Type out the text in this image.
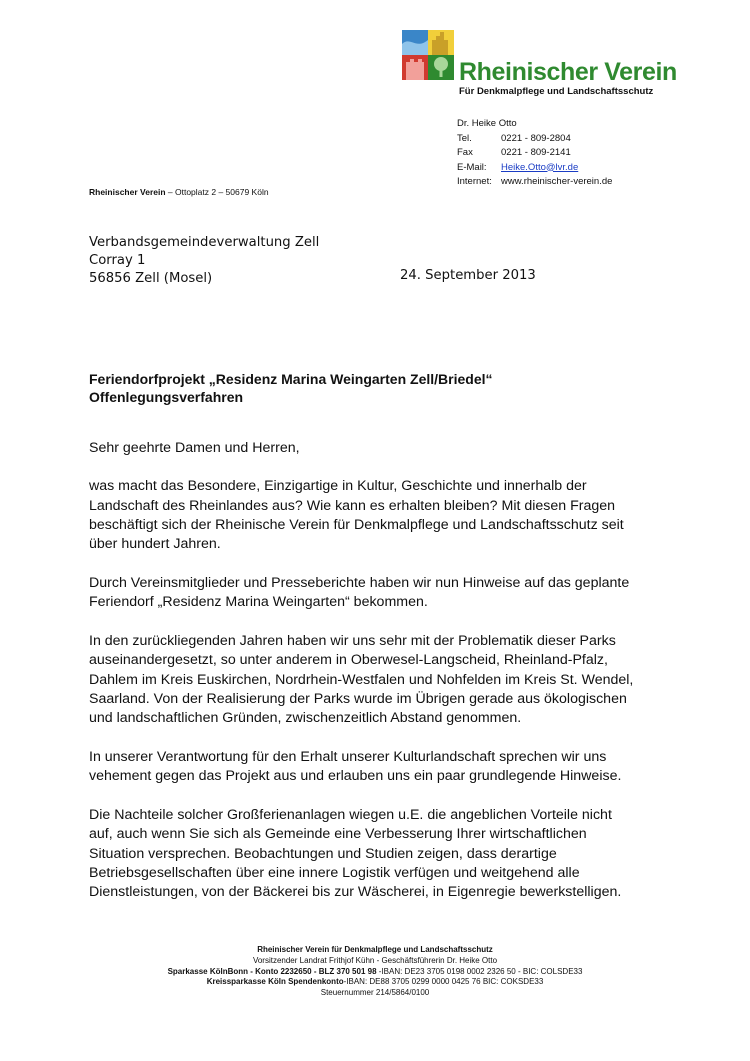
Rheinischer Verein
Für Denkmalpflege und Landschaftsschutz
Dr. Heike Otto
Tel.	0221 - 809-2804
Fax	0221 - 809-2141
E-Mail:	Heike.Otto@lvr.de
Internet: www.rheinischer-verein.de
Rheinischer Verein – Ottoplatz 2 – 50679 Köln
Verbandsgemeindeverwaltung Zell
Corray 1
56856 Zell (Mosel)	24. September 2013
Feriendorfprojekt „Residenz Marina Weingarten Zell/Briedel“
Offenlegungsverfahren

Sehr geehrte Damen und Herren,

was macht das Besondere, Einzigartige in Kultur, Geschichte und innerhalb der
Landschaft des Rheinlandes aus? Wie kann es erhalten bleiben? Mit diesen Fragen
beschäftigt sich der Rheinische Verein für Denkmalpflege und Landschaftsschutz seit
über hundert Jahren.

Durch Vereinsmitglieder und Presseberichte haben wir nun Hinweise auf das geplante
Feriendorf „Residenz Marina Weingarten“ bekommen.

In den zurückliegenden Jahren haben wir uns sehr mit der Problematik dieser Parks
auseinandergesetzt, so unter anderem in Oberwesel-Langscheid, Rheinland-Pfalz,
Dahlem im Kreis Euskirchen, Nordrhein-Westfalen und Nohfelden im Kreis St. Wendel,
Saarland. Von der Realisierung der Parks wurde im Übrigen gerade aus ökologischen
und landschaftlichen Gründen, zwischenzeitlich Abstand genommen.

In unserer Verantwortung für den Erhalt unserer Kulturlandschaft sprechen wir uns
vehement gegen das Projekt aus und erlauben uns ein paar grundlegende Hinweise.

Die Nachteile solcher Großferienanlagen wiegen u.E. die angeblichen Vorteile nicht
auf, auch wenn Sie sich als Gemeinde eine Verbesserung Ihrer wirtschaftlichen
Situation versprechen. Beobachtungen und Studien zeigen, dass derartige
Betriebsgesellschaften über eine innere Logistik verfügen und weitgehend alle
Dienstleistungen, von der Bäckerei bis zur Wäscherei, in Eigenregie bewerkstelligen.

Rheinischer Verein für Denkmalpflege und Landschaftsschutz
Vorsitzender Landrat Frithjof Kühn - Geschäftsführerin Dr. Heike Otto
Sparkasse KölnBonn - Konto 2232650 - BLZ 370 501 98 -IBAN: DE23 3705 0198 0002 2326 50 - BIC: COLSDE33
Kreissparkasse Köln Spendenkonto-IBAN: DE88 3705 0299 0000 0425 76 BIC: COKSDE33
Steuernummer 214/5864/0100
